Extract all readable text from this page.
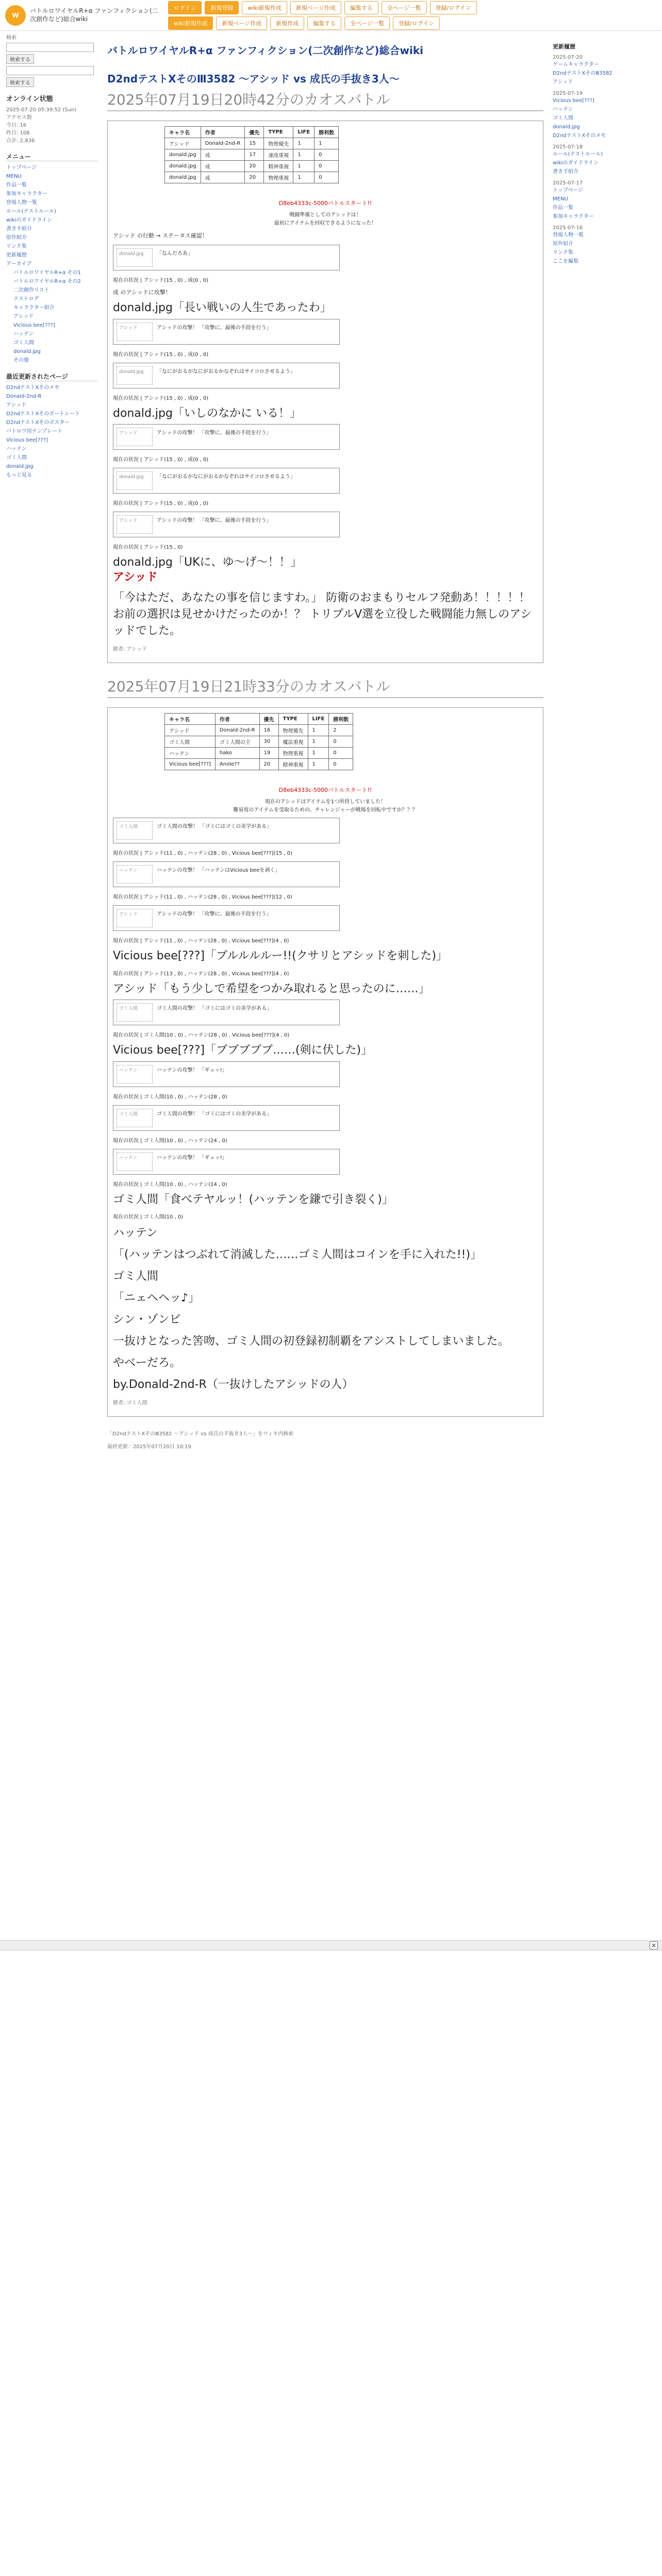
W
バトルロワイヤルR+α ファンフィクション(二次創作など)総合wiki
ログイン	新規登録	wiki新規作成	新規ページ作成	編集する	全ページ一覧	登録/ログイン
wiki新規作成	新規ページ作成	新規作成	編集する	全ページ一覧	登録/ログイン
検索
検索する  検索する
オンライン状態
2025-07-20 05:39:52 (Sun)
アクセス数
今日: 16
昨日: 108
合計: 2,836
メニュー
トップページ
MENU
作品一覧
参加キャラクター
登場人物一覧
ルール(テストルール)
wikiのガイドライン
書き手紹介
原作紹介
リンク集
更新履歴
アーカイブ
バトルロワイヤルR+α その1
バトルロワイヤルR+α その2
二次創作リスト
テストログ
キャラクター紹介
アシッド
Vicious bee[???]
ハッテン
ゴミ人間
donald.jpg
その他
最近更新されたページ
D2ndテストXそのメモ
Donald-2nd-R
アシッド
D2ndテストXそのポートレート
D2ndテストXそのポスター
バトロワ用テンプレート
Vicious bee[???]
ハッテン
ゴミ人間
donald.jpg
もっと見る
バトルロワイヤルR+α ファンフィクション(二次創作など)総合wiki
D2ndテストXそのⅢ3582 〜アシッド vs 成氏の手抜き3人〜
2025年07月19日20時42分のカオスバトル
キャラ名	作者	優先	TYPE	LIFE	勝利数
アシッド	Donald-2nd-R	15	物理優先	1	1
donald.jpg	成	17	速度重視	1	0
donald.jpg	成	20	精神重視	1	0
donald.jpg	成	20	物理重視	1	0
D8eb4333c-5000バトルスタート!!
戦闘準備としてのアシッドは！
最初にアイテムを回収できるようになった！
アシッド の行動 → ステータス確認！
donald.jpg	「なんだろあ」
現在の状況 | アシッド(15 , 0) , 成(0 , 0)
成 のアシッドに攻撃！
donald.jpg「長い戦いの人生であったわ」
アシッド	アシッドの攻撃！ 「攻撃に、最後の手段を行う」
現在の状況 | アシッド(15 , 0) , 成(0 , 0)
donald.jpg	「なにがおるがなにがおるかなぞれはサイコロさせるよう」
現在の状況 | アシッド(15 , 0) , 成(0 , 0)
donald.jpg「いしのなかに いる！」
アシッド	アシッドの攻撃！ 「攻撃に、最後の手段を行う」
現在の状況 | アシッド(15 , 0) , 成(0 , 0)
donald.jpg	「なにがおるがなにがおるかなぞれはサイコロさせるよう」
現在の状況 | アシッド(15 , 0) , 成(0 , 0)
アシッド	アシッドの攻撃！ 「攻撃に、最後の手段を行う」
現在の状況 | アシッド(15 , 0)
donald.jpg「UKに、ゆ〜げ〜！！」
アシッド
「今はただ、あなたの事を信じますわ。」 防衛のおまもりセルフ発動あ！！！！！お前の選択は見せかけだったのか！？ トリプルV選を立役した戦闘能力無しのアシッドでした。
勝者: アシッド
2025年07月19日21時33分のカオスバトル
キャラ名	作者	優先	TYPE	LIFE	勝利数
アシッド	Donald-2nd-R	16	物理優先	1	2
ゴミ人間	ゴミ人間の主	30	魔法重視	1	0
ハッテン	hako	19	物理重視	1	0
Vicious bee[???]	Anole??	20	精神重視	1	0
D8eb4333c-5000バトルスタート!!
現在のアシッドはアイテムを1つ所持していました！
難易度のアイテムを受取るための、チャレンジャーが戦場を回転中ですか？？？
ゴミ人間	ゴミ人間の攻撃！ 「ゴミにはゴミの美学がある」
現在の状況 | アシッド(11 , 0) , ハッテン(28 , 0) , Vicious bee[???](15 , 0)
ハッテン	ハッテンの攻撃！ 「ハッテンはVicious beeを剥く」
現在の状況 | アシッド(11 , 0) , ハッテン(28 , 0) , Vicious bee[???](12 , 0)
アシッド	アシッドの攻撃！ 「攻撃に、最後の手段を行う」
現在の状況 | アシッド(11 , 0) , ハッテン(28 , 0) , Vicious bee[???](4 , 0)
Vicious bee[???]「ブルルルルー!!(クサリとアシッドを刺した)」
現在の状況 | アシッド(13 , 0) , ハッテン(28 , 0) , Vicious bee[???](4 , 0)
アシッド「もう少しで希望をつかみ取れると思ったのに……」
ゴミ人間	ゴミ人間の攻撃！ 「ゴミにはゴミの美学がある」
現在の状況 | ゴミ人間(10 , 0) , ハッテン(28 , 0) , Vicious bee[???](4 , 0)
Vicious bee[???]「ブブブブブ……(剣に伏した)」
ハッテン	ハッテンの攻撃！ 「ギュッ!」
現在の状況 | ゴミ人間(10 , 0) , ハッテン(28 , 0)
ゴミ人間	ゴミ人間の攻撃！ 「ゴミにはゴミの美学がある」
現在の状況 | ゴミ人間(10 , 0) , ハッテン(24 , 0)
ハッテン	ハッテンの攻撃！ 「ギュッ!」
現在の状況 | ゴミ人間(10 , 0) , ハッテン(14 , 0)
ゴミ人間「食べテヤルッ！(ハッテンを鎌で引き裂く)」
現在の状況 | ゴミ人間(10 , 0)
ハッテン
「(ハッテンはつぶれて消滅した……ゴミ人間はコインを手に入れた!!)」
ゴミ人間
「ニェヘヘッ♪」
シン・ゾンビ
一抜けとなった筈吻、ゴミ人間の初登録初制覇をアシストしてしまいました。
やべーだろ。
by.Donald-2nd-R（一抜けしたアシッドの人）
勝者: ゴミ人間
「D2ndテストXそのⅢ3582 〜アシッド vs 成氏の手抜き3人〜」をウィキ内検索
最終更新：2025年07月20日 10:19
更新履歴
2025-07-20
ゲームキャラクター
D2ndテストXそのⅢ3582
アシッド
2025-07-19
Vicious bee[???]
ハッテン
ゴミ人間
donald.jpg
D2ndテストXそのメモ
2025-07-18
ルール(テストルール)
wikiのガイドライン
書き手紹介
2025-07-17
トップページ
MENU
作品一覧
参加キャラクター
2025-07-16
登場人物一覧
原作紹介
リンク集
ここを編集
×
